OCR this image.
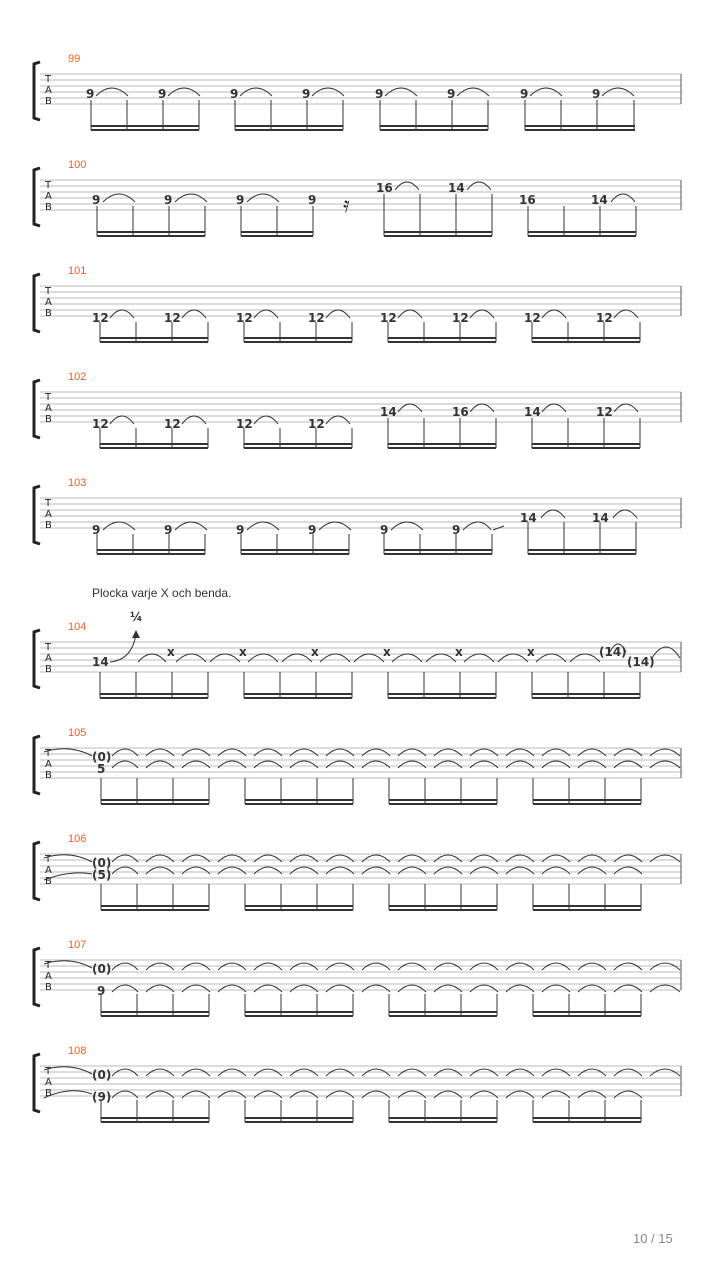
T
A
B
99
9	9	9	9	9	9	9	9
T
A
B
100
𝄿
9	9	9	9
16	14
16	14
T
A
B
101
12	12	12	12	12	12	12	12
T
A
B
102
12	12	12	12
14	16	14	12
T
A
B
103
9	9	9	9	9	9
14	14
T
A
B
104
¼
14
x	x	x	x	x	x	(14)
(14)
T
A
B
105
(0)
5
T
A
B
106
(0)
(5)
T
A
B
107
(0)
9
T
A
B
108
(0)
(9)
Plocka varje X och benda.
10 / 15
